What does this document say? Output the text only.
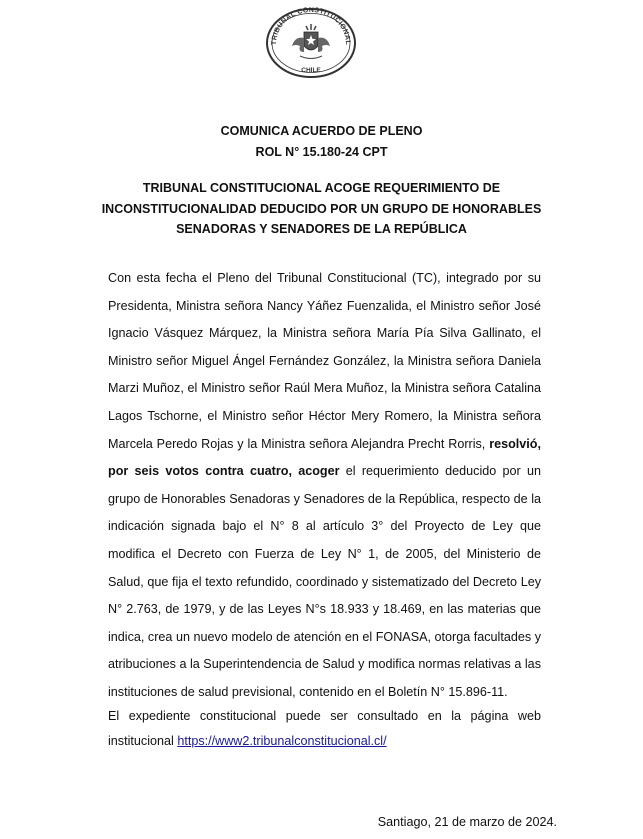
TRIBUNAL CONSTITUCIONAL
CHILE
COMUNICA ACUERDO DE PLENO
ROL N° 15.180-24 CPT
TRIBUNAL CONSTITUCIONAL ACOGE REQUERIMIENTO DE
INCONSTITUCIONALIDAD DEDUCIDO POR UN GRUPO DE HONORABLES
SENADORAS Y SENADORES DE LA REPÚBLICA

Con esta fecha el Pleno del Tribunal Constitucional (TC), integrado por su Presidenta, Ministra señora Nancy Yáñez Fuenzalida, el Ministro señor José Ignacio Vásquez Márquez, la Ministra señora María Pía Silva Gallinato, el Ministro señor Miguel Ángel Fernández González, la Ministra señora Daniela Marzi Muñoz, el Ministro señor Raúl Mera Muñoz, la Ministra señora Catalina Lagos Tschorne, el Ministro señor Héctor Mery Romero, la Ministra señora Marcela Peredo Rojas y la Ministra señora Alejandra Precht Rorris, resolvió, por seis votos contra cuatro, acoger el requerimiento deducido por un grupo de Honorables Senadoras y Senadores de la República, respecto de la indicación signada bajo el N° 8 al artículo 3° del Proyecto de Ley que modifica el Decreto con Fuerza de Ley N° 1, de 2005, del Ministerio de Salud, que fija el texto refundido, coordinado y sistematizado del Decreto Ley N° 2.763, de 1979, y de las Leyes N°s 18.933 y 18.469, en las materias que indica, crea un nuevo modelo de atención en el FONASA, otorga facultades y atribuciones a la Superintendencia de Salud y modifica normas relativas a las instituciones de salud previsional, contenido en el Boletín N° 15.896-11.

El expediente constitucional puede ser consultado en la página web institucional https://www2.tribunalconstitucional.cl/

Santiago, 21 de marzo de 2024.
